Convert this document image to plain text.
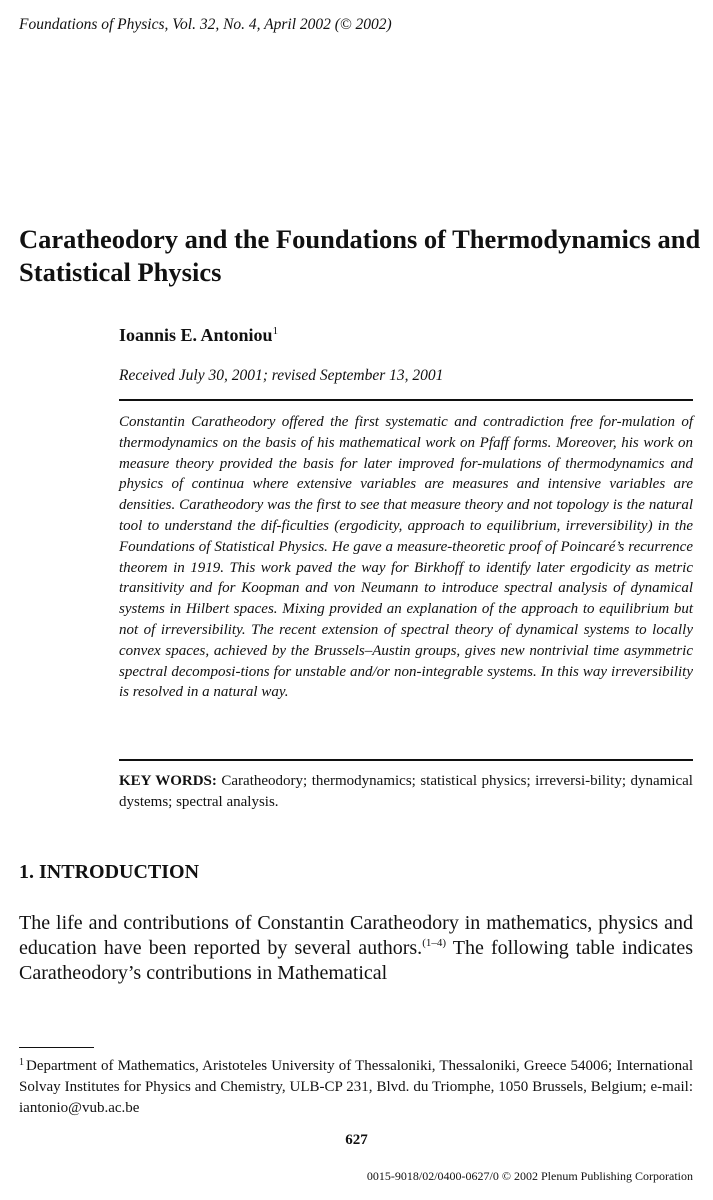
Foundations of Physics, Vol. 32, No. 4, April 2002 (© 2002)
Caratheodory and the Foundations of Thermodynamics and Statistical Physics
Ioannis E. Antoniou$^1$
Received July 30, 2001; revised September 13, 2001
Constantin Caratheodory offered the first systematic and contradiction free for-mulation of thermodynamics on the basis of his mathematical work on Pfaff forms. Moreover, his work on measure theory provided the basis for later improved for-mulations of thermodynamics and physics of continua where extensive variables are measures and intensive variables are densities. Caratheodory was the first to see that measure theory and not topology is the natural tool to understand the dif-ficulties (ergodicity, approach to equilibrium, irreversibility) in the Foundations of Statistical Physics. He gave a measure-theoretic proof of Poincaré’s recurrence theorem in 1919. This work paved the way for Birkhoff to identify later ergodicity as metric transitivity and for Koopman and von Neumann to introduce spectral analysis of dynamical systems in Hilbert spaces. Mixing provided an explanation of the approach to equilibrium but not of irreversibility. The recent extension of spectral theory of dynamical systems to locally convex spaces, achieved by the Brussels–Austin groups, gives new nontrivial time asymmetric spectral decomposi-tions for unstable and/or non-integrable systems. In this way irreversibility is resolved in a natural way.
KEY WORDS: Caratheodory; thermodynamics; statistical physics; irreversi-bility; dynamical dystems; spectral analysis.
1. INTRODUCTION
The life and contributions of Constantin Caratheodory in mathematics, physics and education have been reported by several authors.$^{(1-4)}$ The following table indicates Caratheodory’s contributions in Mathematical
$^1$ Department of Mathematics, Aristoteles University of Thessaloniki, Thessaloniki, Greece 54006; International Solvay Institutes for Physics and Chemistry, ULB-CP 231, Blvd. du Triomphe, 1050 Brussels, Belgium; e-mail: iantonio@vub.ac.be
627
0015-9018/02/0400-0627/0 © 2002 Plenum Publishing Corporation
